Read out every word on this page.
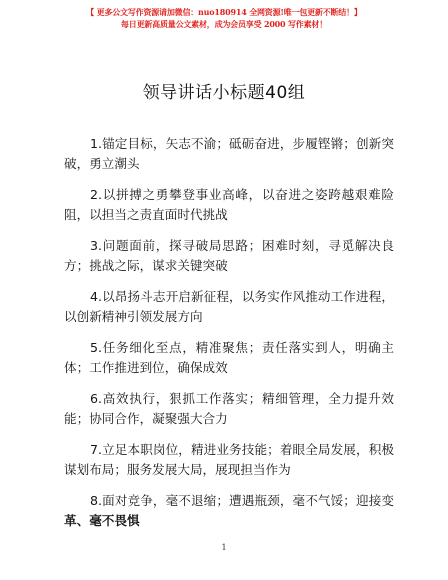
【 更多公文写作资源请加微信：nuo180914 全网资源!唯一包更新不断结！】
每日更新高质量公文素材，成为会员享受 2000 写作素材！
领导讲话小标题40组

1.锚定目标，矢志不渝；砥砺奋进，步履铿锵；创新突破，勇立潮头

2.以拼搏之勇攀登事业高峰，以奋进之姿跨越艰难险阻，以担当之责直面时代挑战

3.问题面前，探寻破局思路；困难时刻，寻觅解决良方；挑战之际，谋求关键突破

4.以昂扬斗志开启新征程，以务实作风推动工作进程，以创新精神引领发展方向

5.任务细化至点，精准聚焦；责任落实到人，明确主体；工作推进到位，确保成效

6.高效执行，狠抓工作落实；精细管理，全力提升效能；协同合作，凝聚强大合力

7.立足本职岗位，精进业务技能；着眼全局发展，积极谋划布局；服务发展大局，展现担当作为

8.面对竞争，毫不退缩；遭遇瓶颈，毫不气馁；迎接变革、毫不畏惧

1
